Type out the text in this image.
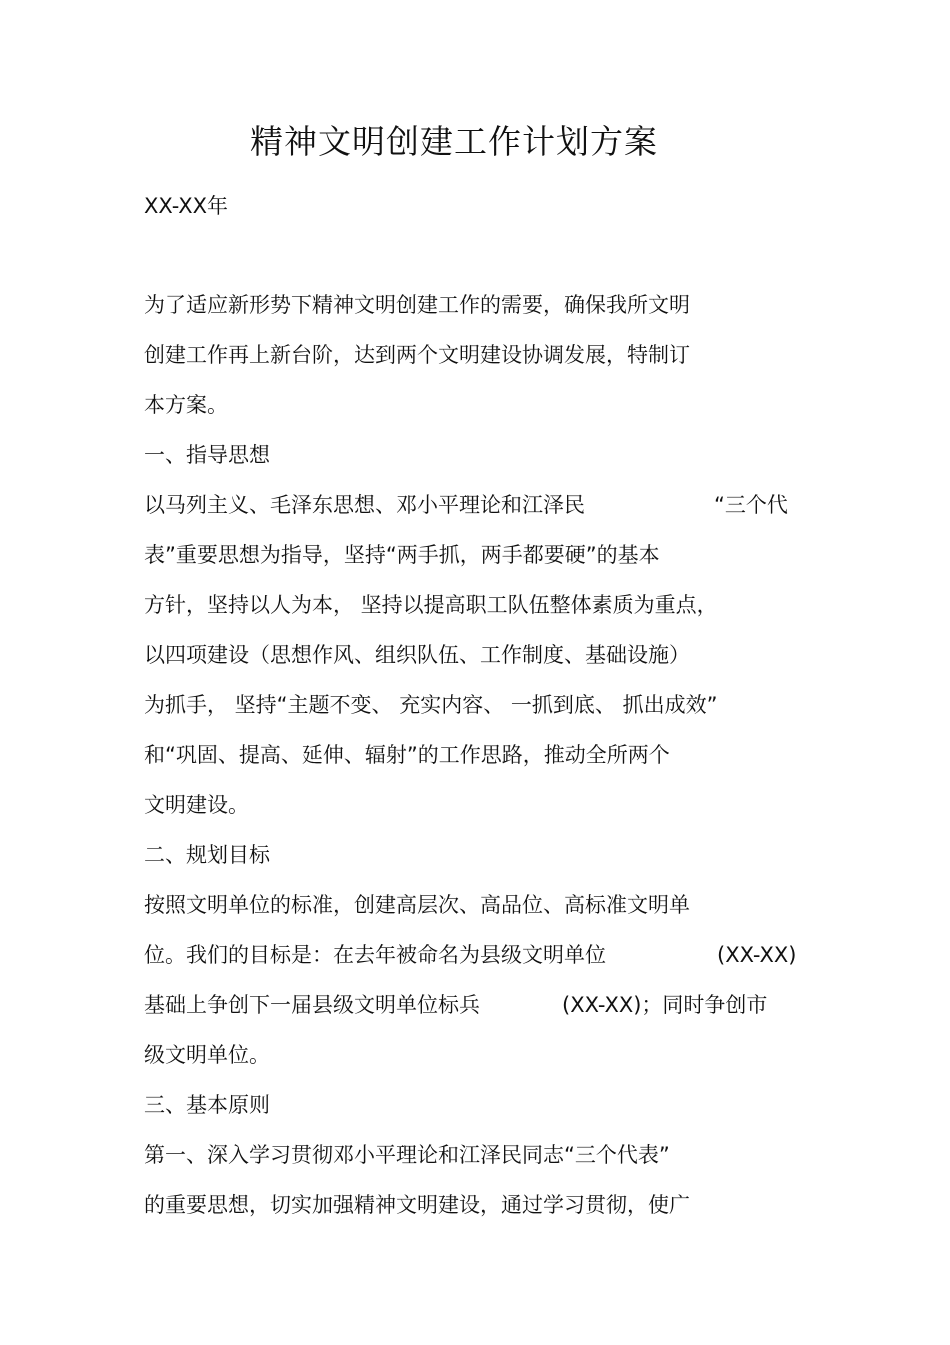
精神文明创建工作计划方案
XX-XX年
为了适应新形势下精神文明创建工作的需要，确保我所文明
创建工作再上新台阶，达到两个文明建设协调发展，特制订
本方案。
一、指导思想
以马列主义、毛泽东思想、邓小平理论和江泽民	“三个代
表”重要思想为指导，坚持“两手抓，两手都要硬”的基本
方针，坚持以人为本， 坚持以提高职工队伍整体素质为重点，
以四项建设（思想作风、组织队伍、工作制度、基础设施）
为抓手， 坚持“主题不变、 充实内容、 一抓到底、 抓出成效”
和“巩固、提高、延伸、辐射”的工作思路，推动全所两个
文明建设。
二、规划目标
按照文明单位的标准，创建高层次、高品位、高标准文明单
位。我们的目标是：在去年被命名为县级文明单位	(XX-XX)
基础上争创下一届县级文明单位标兵	(XX-XX)；同时争创市
级文明单位。
三、基本原则
第一、深入学习贯彻邓小平理论和江泽民同志“三个代表”
的重要思想，切实加强精神文明建设，通过学习贯彻，使广
